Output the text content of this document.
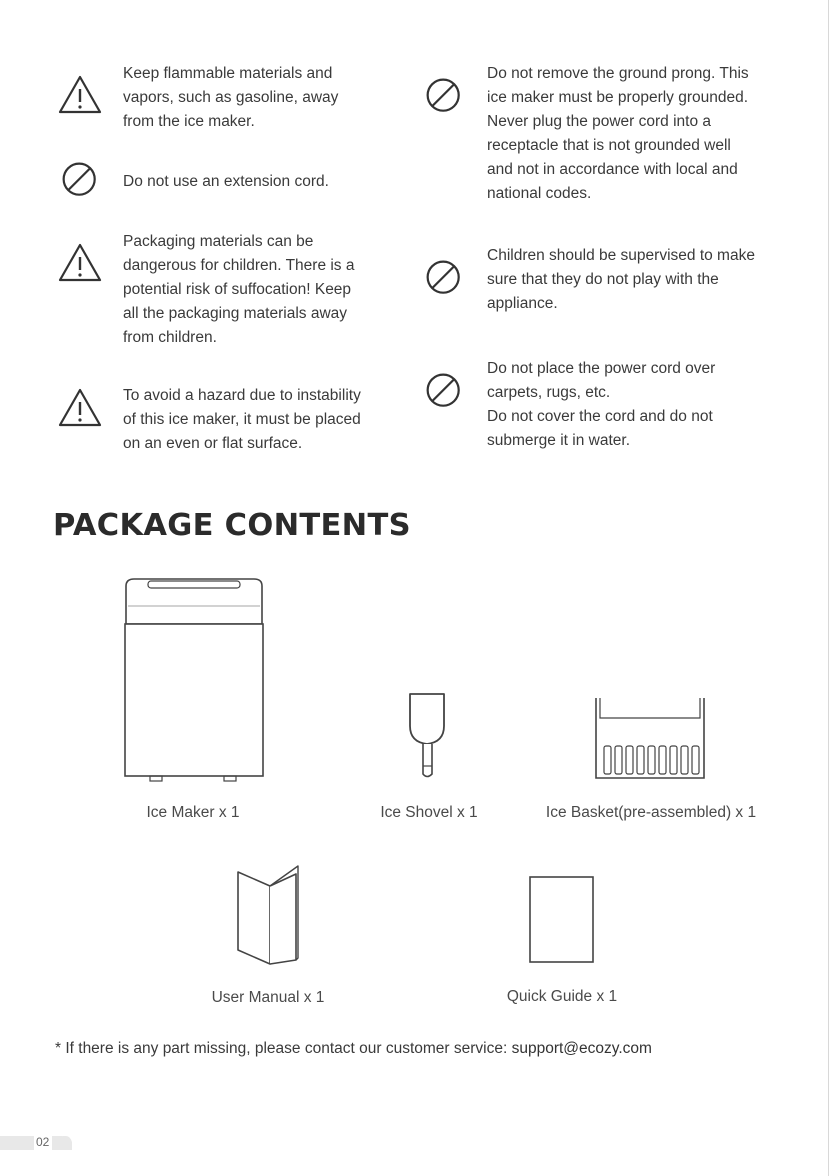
Keep flammable materials and
vapors, such as gasoline, away
from the ice maker.

Do not use an extension cord.

Packaging materials can be
dangerous for children. There is a
potential risk of suffocation! Keep
all the packaging materials away
from children.

To avoid a hazard due to instability
of this ice maker, it must be placed
on an even or flat surface.

Do not remove the ground prong. This
ice maker must be properly grounded.
Never plug the power cord into a
receptacle that is not grounded well
and not in accordance with local and
national codes.

Children should be supervised to make
sure that they do not play with the
appliance.

Do not place the power cord over
carpets, rugs, etc.
Do not cover the cord and do not
submerge it in water.

PACKAGE CONTENTS
Ice Maker x 1	Ice Shovel x 1	Ice Basket(pre-assembled) x 1
User Manual x 1	Quick Guide x 1
* If there is any part missing, please contact our customer service: support@ecozy.com
02
